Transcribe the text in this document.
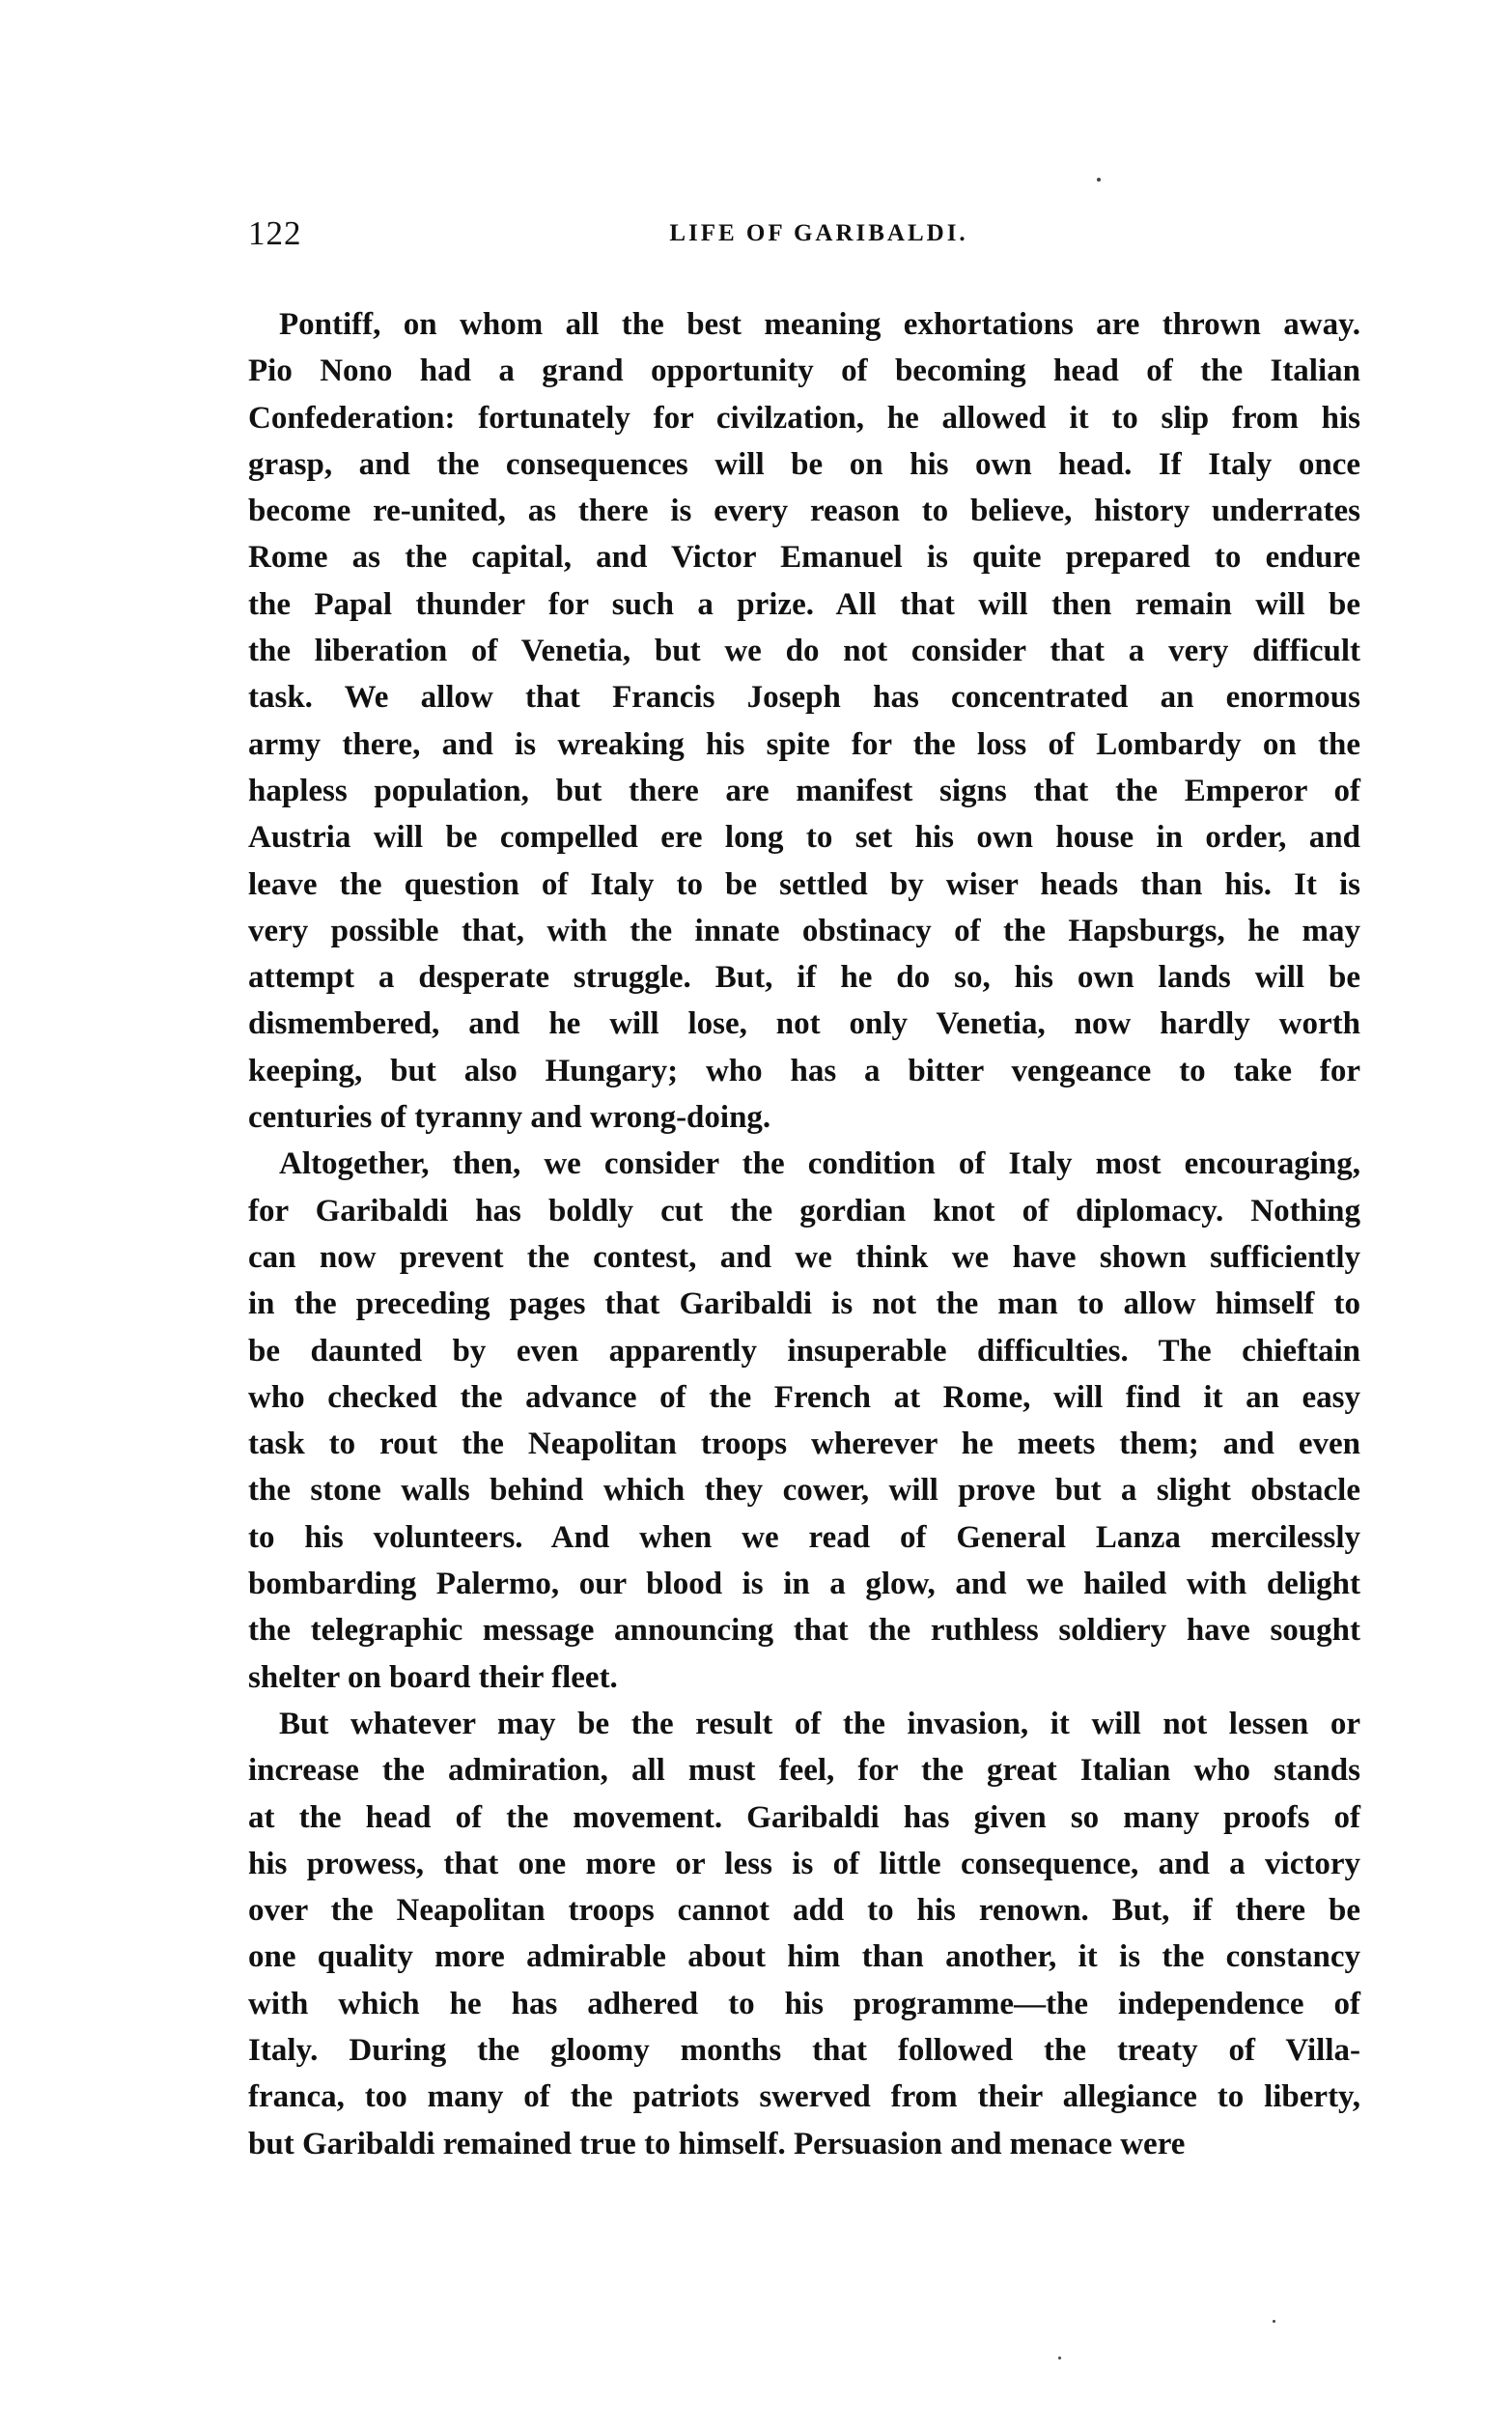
122	LIFE OF GARIBALDI.

Pontiff, on whom all the best meaning exhortations are thrown away.
Pio Nono had a grand opportunity of becoming head of the Italian
Confederation: fortunately for civilzation, he allowed it to slip from his
grasp, and the consequences will be on his own head. If Italy once
become re-united, as there is every reason to believe, history underrates
Rome as the capital, and Victor Emanuel is quite prepared to endure
the Papal thunder for such a prize. All that will then remain will be
the liberation of Venetia, but we do not consider that a very difficult
task. We allow that Francis Joseph has concentrated an enormous
army there, and is wreaking his spite for the loss of Lombardy on the
hapless population, but there are manifest signs that the Emperor of
Austria will be compelled ere long to set his own house in order, and
leave the question of Italy to be settled by wiser heads than his. It is
very possible that, with the innate obstinacy of the Hapsburgs, he may
attempt a desperate struggle. But, if he do so, his own lands will be
dismembered, and he will lose, not only Venetia, now hardly worth
keeping, but also Hungary; who has a bitter vengeance to take for
centuries of tyranny and wrong-doing.

Altogether, then, we consider the condition of Italy most encouraging,
for Garibaldi has boldly cut the gordian knot of diplomacy. Nothing
can now prevent the contest, and we think we have shown sufficiently
in the preceding pages that Garibaldi is not the man to allow himself to
be daunted by even apparently insuperable difficulties. The chieftain
who checked the advance of the French at Rome, will find it an easy
task to rout the Neapolitan troops wherever he meets them; and even
the stone walls behind which they cower, will prove but a slight obstacle
to his volunteers. And when we read of General Lanza mercilessly
bombarding Palermo, our blood is in a glow, and we hailed with delight
the telegraphic message announcing that the ruthless soldiery have sought
shelter on board their fleet.

But whatever may be the result of the invasion, it will not lessen or
increase the admiration, all must feel, for the great Italian who stands
at the head of the movement. Garibaldi has given so many proofs of
his prowess, that one more or less is of little consequence, and a victory
over the Neapolitan troops cannot add to his renown. But, if there be
one quality more admirable about him than another, it is the constancy
with which he has adhered to his programme—the independence of
Italy. During the gloomy months that followed the treaty of Villa-
franca, too many of the patriots swerved from their allegiance to liberty,
but Garibaldi remained true to himself. Persuasion and menace were
